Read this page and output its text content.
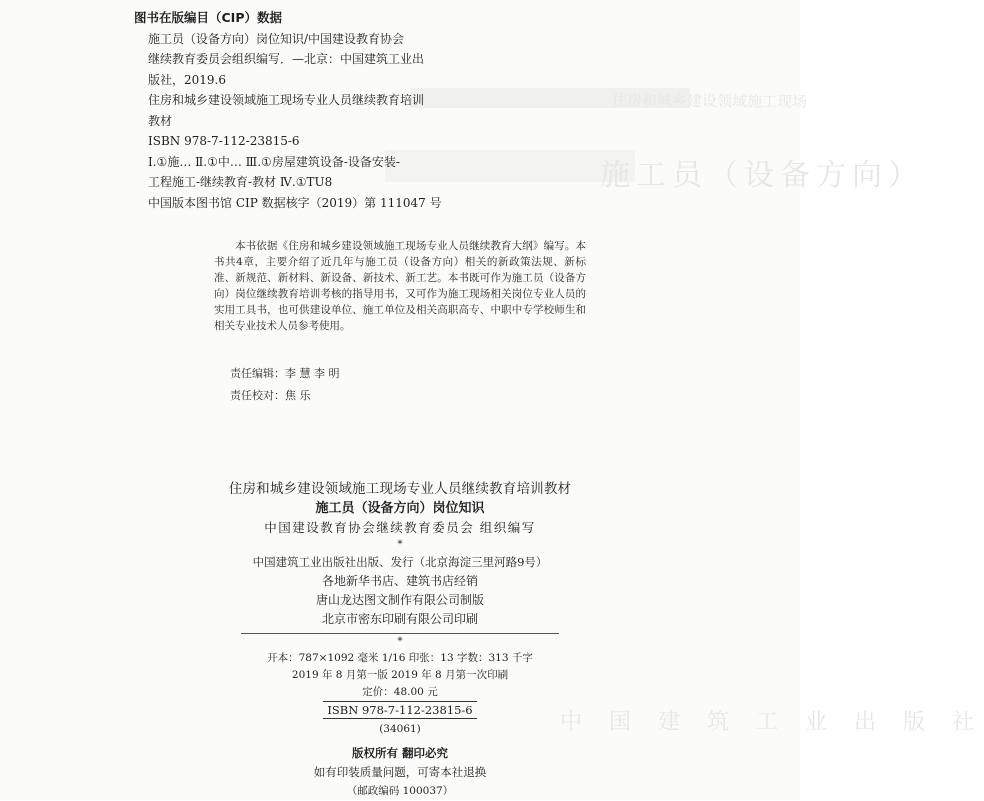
住房和城乡建设领域施工现场
施工员（设备方向）
中 国 建 筑 工 业 出 版 社
图书在版编目（CIP）数据
施工员（设备方向）岗位知识/中国建设教育协会
继续教育委员会组织编写．—北京：中国建筑工业出
版社，2019.6
住房和城乡建设领域施工现场专业人员继续教育培训
教材
ISBN 978-7-112-23815-6
Ⅰ.①施… Ⅱ.①中… Ⅲ.①房屋建筑设备-设备安装-
工程施工-继续教育-教材 Ⅳ.①TU8
中国版本图书馆 CIP 数据核字（2019）第 111047 号
本书依据《住房和城乡建设领域施工现场专业人员继续教育大纲》编写。本书共4章，主要介绍了近几年与施工员（设备方向）相关的新政策法规、新标准、新规范、新材料、新设备、新技术、新工艺。本书既可作为施工员（设备方向）岗位继续教育培训考核的指导用书，又可作为施工现场相关岗位专业人员的实用工具书，也可供建设单位、施工单位及相关高职高专、中职中专学校师生和相关专业技术人员参考使用。
责任编辑：李 慧 李 明
责任校对：焦 乐
住房和城乡建设领域施工现场专业人员继续教育培训教材
施工员（设备方向）岗位知识
中国建设教育协会继续教育委员会 组织编写
*
中国建筑工业出版社出版、发行（北京海淀三里河路9号）
各地新华书店、建筑书店经销
唐山龙达图文制作有限公司制版
北京市密东印刷有限公司印刷
*
开本：787×1092 毫米 1/16 印张：13 字数：313 千字
2019 年 8 月第一版 2019 年 8 月第一次印刷
定价：48.00 元
ISBN 978-7-112-23815-6
(34061)
版权所有 翻印必究
如有印装质量问题，可寄本社退换
（邮政编码 100037）
